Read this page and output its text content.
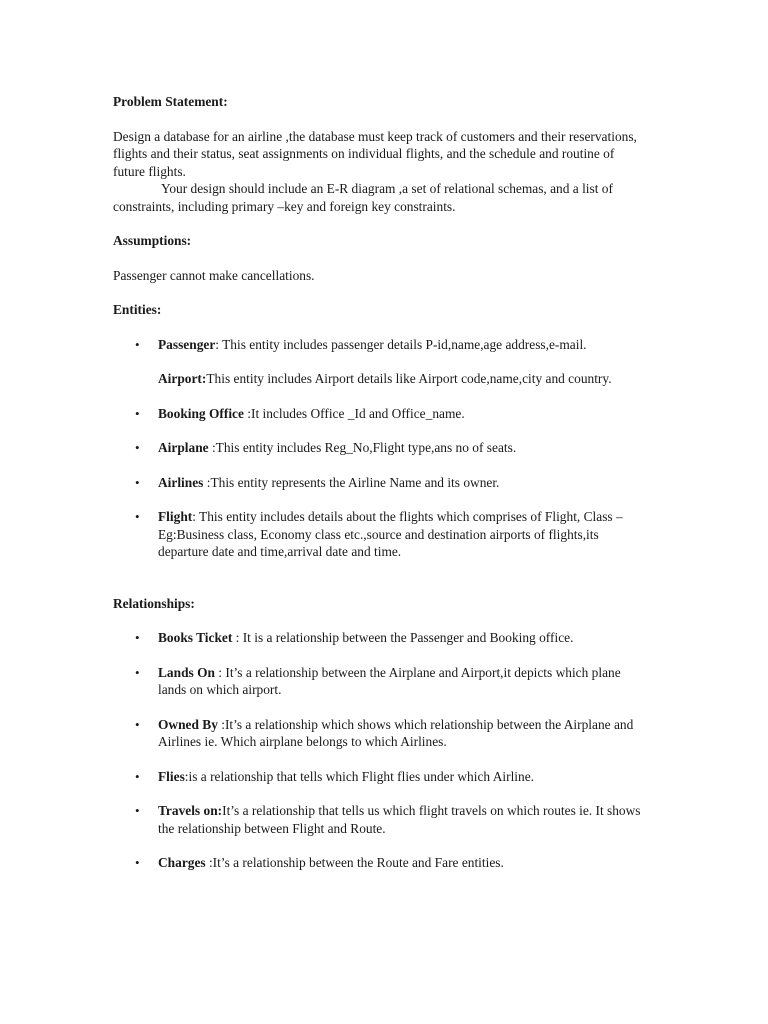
Problem Statement:

Design a database for an airline ,the database must keep track of customers and their reservations, flights and their status, seat assignments on individual flights, and the schedule and routine of future flights.

Your design should include an E-R diagram ,a set of relational schemas, and a list of constraints, including primary –key and foreign key constraints.

Assumptions:

Passenger cannot make cancellations.

Entities:

• Passenger: This entity includes passenger details P-id,name,age address,e-mail.
Airport:This entity includes Airport details like Airport code,name,city and country.
• Booking Office :It includes Office _Id and Office_name.
• Airplane :This entity includes Reg_No,Flight type,ans no of seats.
• Airlines :This entity represents the Airline Name and its owner.
• Flight: This entity includes details about the flights which comprises of Flight, Class –Eg:Business class, Economy class etc.,source and destination airports of flights,its departure date and time,arrival date and time.

Relationships:

• Books Ticket : It is a relationship between the Passenger and Booking office.
• Lands On : It’s a relationship between the Airplane and Airport,it depicts which plane lands on which airport.
• Owned By :It’s a relationship which shows which relationship between the Airplane and Airlines ie. Which airplane belongs to which Airlines.
• Flies:is a relationship that tells which Flight flies under which Airline.
• Travels on:It’s a relationship that tells us which flight travels on which routes ie. It shows the relationship between Flight and Route.
• Charges :It’s a relationship between the Route and Fare entities.
